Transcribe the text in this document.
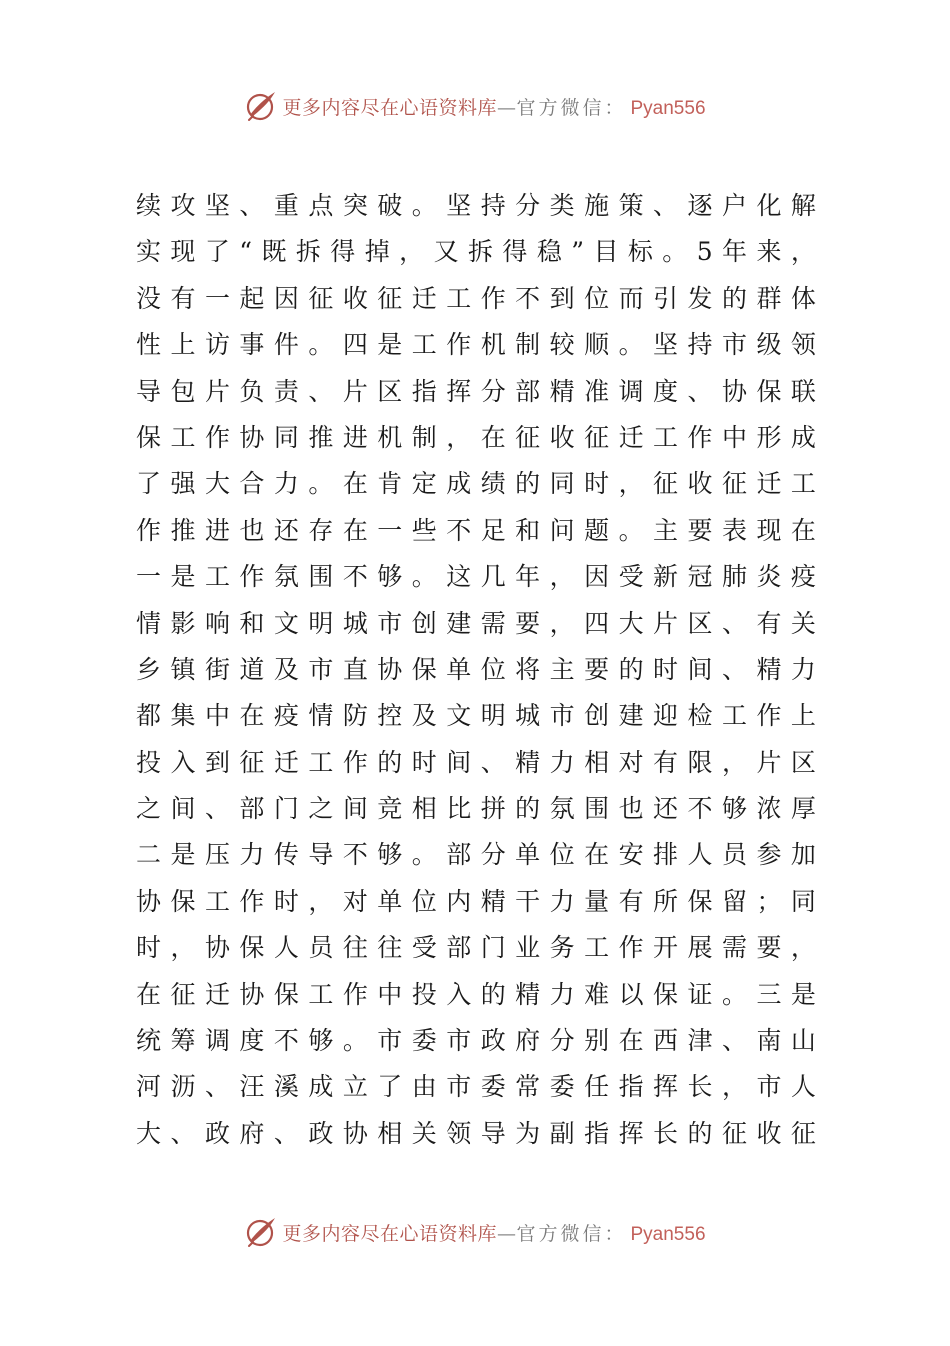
更多内容尽在心语资料库—官方微信： Pyan556
续 攻 坚 、 重 点 突 破 。 坚 持 分 类 施 策 、 逐 户 化 解
实 现 了 “ 既 拆 得 掉 ， 又 拆 得 稳 ” 目 标 。 5 年 来 ，
没 有 一 起 因 征 收 征 迁 工 作 不 到 位 而 引 发 的 群 体
性 上 访 事 件 。 四 是 工 作 机 制 较 顺 。 坚 持 市 级 领
导 包 片 负 责 、 片 区 指 挥 分 部 精 准 调 度 、 协 保 联
保 工 作 协 同 推 进 机 制 ， 在 征 收 征 迁 工 作 中 形 成
了 强 大 合 力 。 在 肯 定 成 绩 的 同 时 ， 征 收 征 迁 工
作 推 进 也 还 存 在 一 些 不 足 和 问 题 。 主 要 表 现 在
一 是 工 作 氛 围 不 够 。 这 几 年 ， 因 受 新 冠 肺 炎 疫
情 影 响 和 文 明 城 市 创 建 需 要 ， 四 大 片 区 、 有 关
乡 镇 街 道 及 市 直 协 保 单 位 将 主 要 的 时 间 、 精 力
都 集 中 在 疫 情 防 控 及 文 明 城 市 创 建 迎 检 工 作 上
投 入 到 征 迁 工 作 的 时 间 、 精 力 相 对 有 限 ， 片 区
之 间 、 部 门 之 间 竞 相 比 拼 的 氛 围 也 还 不 够 浓 厚
二 是 压 力 传 导 不 够 。 部 分 单 位 在 安 排 人 员 参 加
协 保 工 作 时 ， 对 单 位 内 精 干 力 量 有 所 保 留 ； 同
时 ， 协 保 人 员 往 往 受 部 门 业 务 工 作 开 展 需 要 ，
在 征 迁 协 保 工 作 中 投 入 的 精 力 难 以 保 证 。 三 是
统 筹 调 度 不 够 。 市 委 市 政 府 分 别 在 西 津 、 南 山
河 沥 、 汪 溪 成 立 了 由 市 委 常 委 任 指 挥 长 ， 市 人
大 、 政 府 、 政 协 相 关 领 导 为 副 指 挥 长 的 征 收 征
更多内容尽在心语资料库—官方微信： Pyan556
